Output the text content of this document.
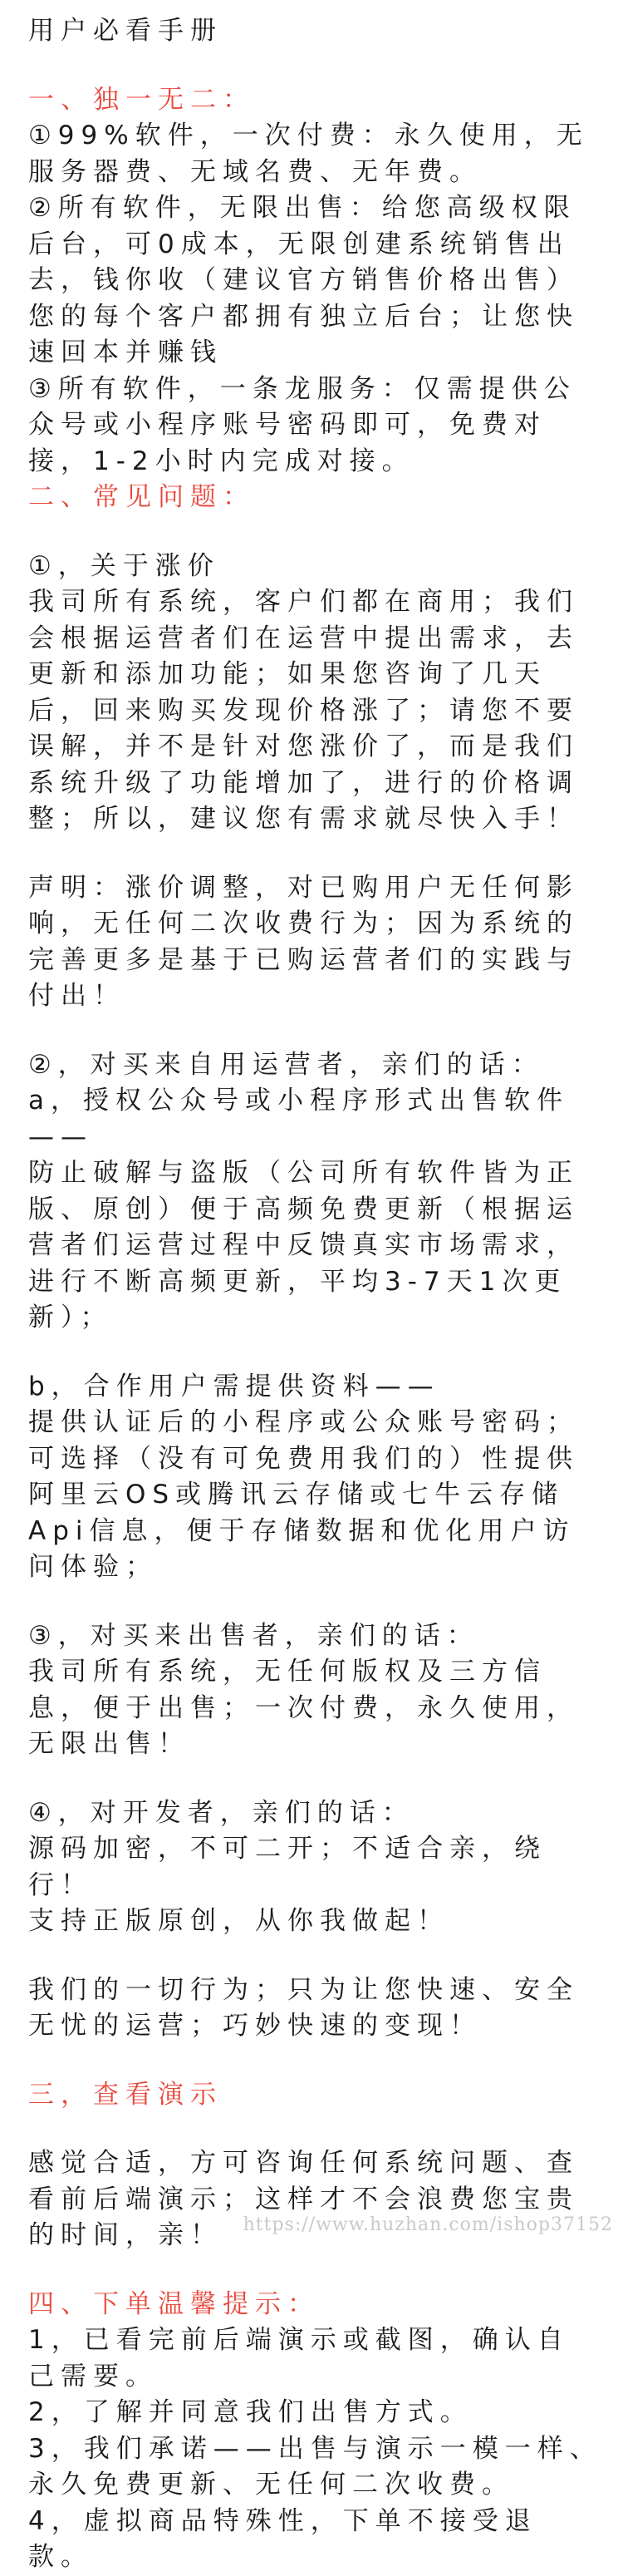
用户必看手册
一、独一无二：
①99%软件，一次付费：永久使用，无
服务器费、无域名费、无年费。
②所有软件，无限出售：给您高级权限
后台，可0成本，无限创建系统销售出
去，钱你收（建议官方销售价格出售）
您的每个客户都拥有独立后台；让您快
速回本并赚钱
③所有软件，一条龙服务：仅需提供公
众号或小程序账号密码即可，免费对
接，1-2小时内完成对接。
二、常见问题：
①，关于涨价
我司所有系统，客户们都在商用；我们
会根据运营者们在运营中提出需求，去
更新和添加功能；如果您咨询了几天
后，回来购买发现价格涨了；请您不要
误解，并不是针对您涨价了，而是我们
系统升级了功能增加了，进行的价格调
整；所以，建议您有需求就尽快入手！
声明：涨价调整，对已购用户无任何影
响，无任何二次收费行为；因为系统的
完善更多是基于已购运营者们的实践与
付出！
②，对买来自用运营者，亲们的话：
a，授权公众号或小程序形式出售软件
——
防止破解与盗版（公司所有软件皆为正
版、原创）便于高频免费更新（根据运
营者们运营过程中反馈真实市场需求，
进行不断高频更新，平均3-7天1次更
新）；
b，合作用户需提供资料——
提供认证后的小程序或公众账号密码；
可选择（没有可免费用我们的）性提供
阿里云OS或腾讯云存储或七牛云存储
Api信息，便于存储数据和优化用户访
问体验；
③，对买来出售者，亲们的话：
我司所有系统，无任何版权及三方信
息，便于出售；一次付费，永久使用，
无限出售！
④，对开发者，亲们的话：
源码加密，不可二开；不适合亲，绕
行！
支持正版原创，从你我做起！
我们的一切行为；只为让您快速、安全
无忧的运营；巧妙快速的变现！
三，查看演示
感觉合适，方可咨询任何系统问题、查
看前后端演示；这样才不会浪费您宝贵
的时间，亲！
四、下单温馨提示：
1，已看完前后端演示或截图，确认自
己需要。
2，了解并同意我们出售方式。
3，我们承诺——出售与演示一模一样、
永久免费更新、无任何二次收费。
4，虚拟商品特殊性，下单不接受退
款。
https://www.huzhan.com/ishop37152
